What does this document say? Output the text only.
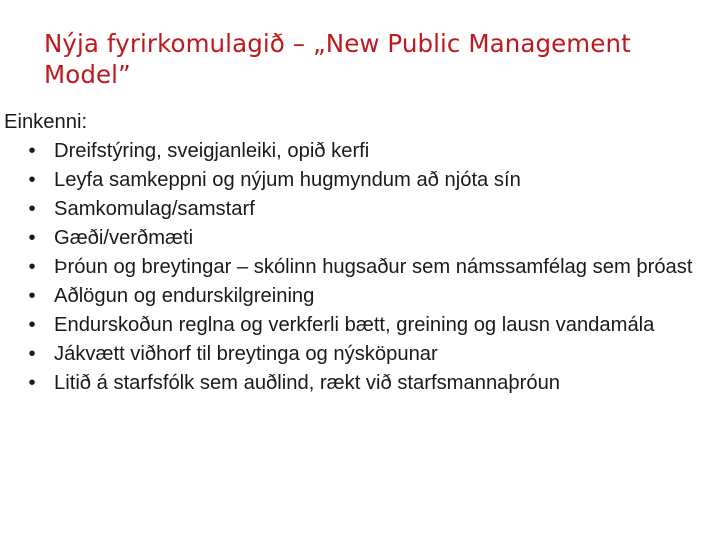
Nýja fyrirkomulagið – „New Public Management Model”

Einkenni:

• Dreifstýring, sveigjanleiki, opið kerfi
• Leyfa samkeppni og nýjum hugmyndum að njóta sín
• Samkomulag/samstarf
• Gæði/verðmæti
• Þróun og breytingar – skólinn hugsaður sem námssamfélag sem þróast
• Aðlögun og endurskilgreining
• Endurskoðun reglna og verkferli bætt, greining og lausn vandamála
• Jákvætt viðhorf til breytinga og nýsköpunar
• Litið á starfsfólk sem auðlind, rækt við starfsmannaþróun
